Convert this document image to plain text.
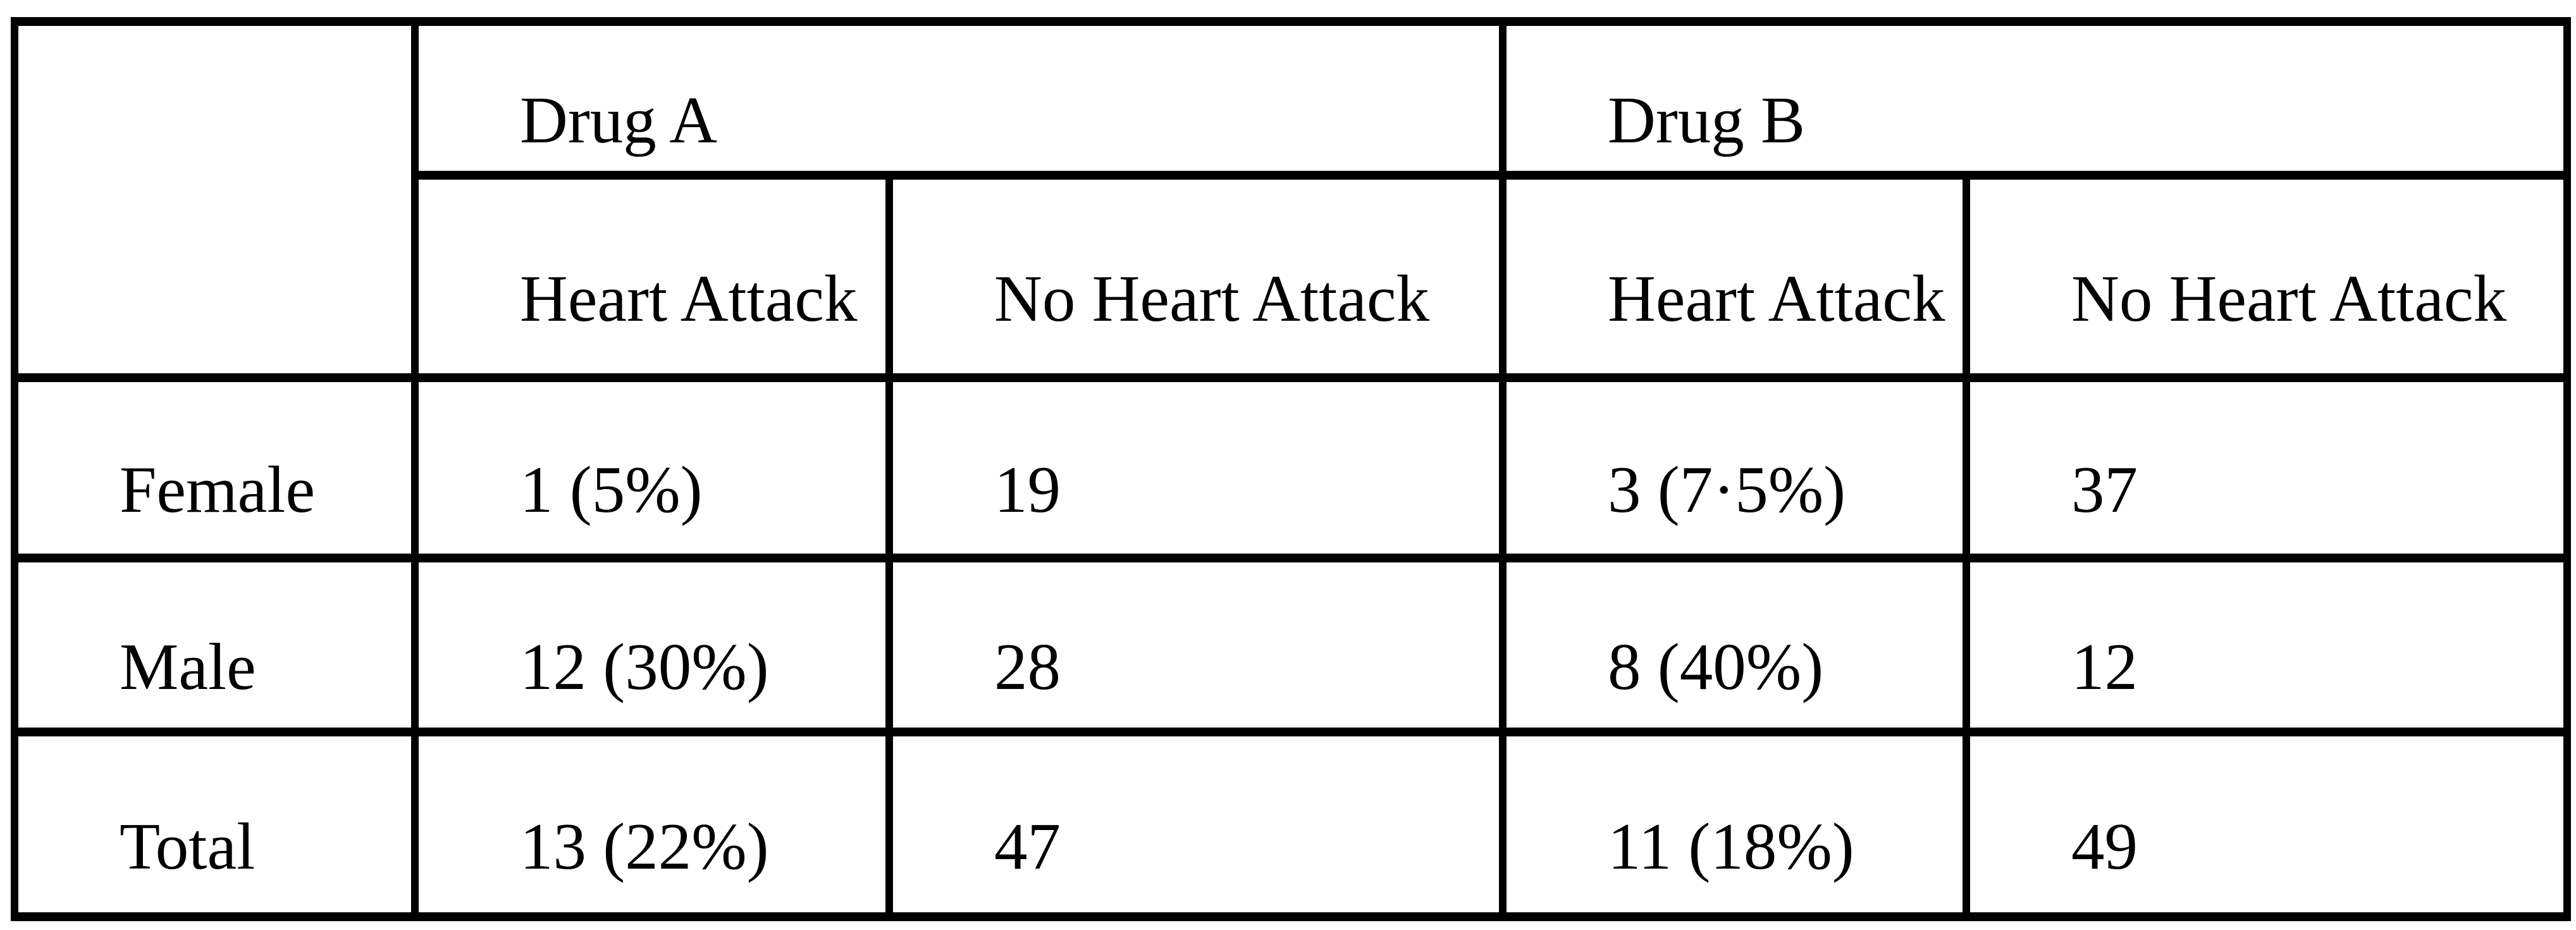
	Drug A		Drug B	
	Heart Attack	No Heart Attack	Heart Attack	No Heart Attack
Female	1 (5%)	19	3 (7·5%)	37
Male	12 (30%)	28	8 (40%)	12
Total	13 (22%)	47	11 (18%)	49
